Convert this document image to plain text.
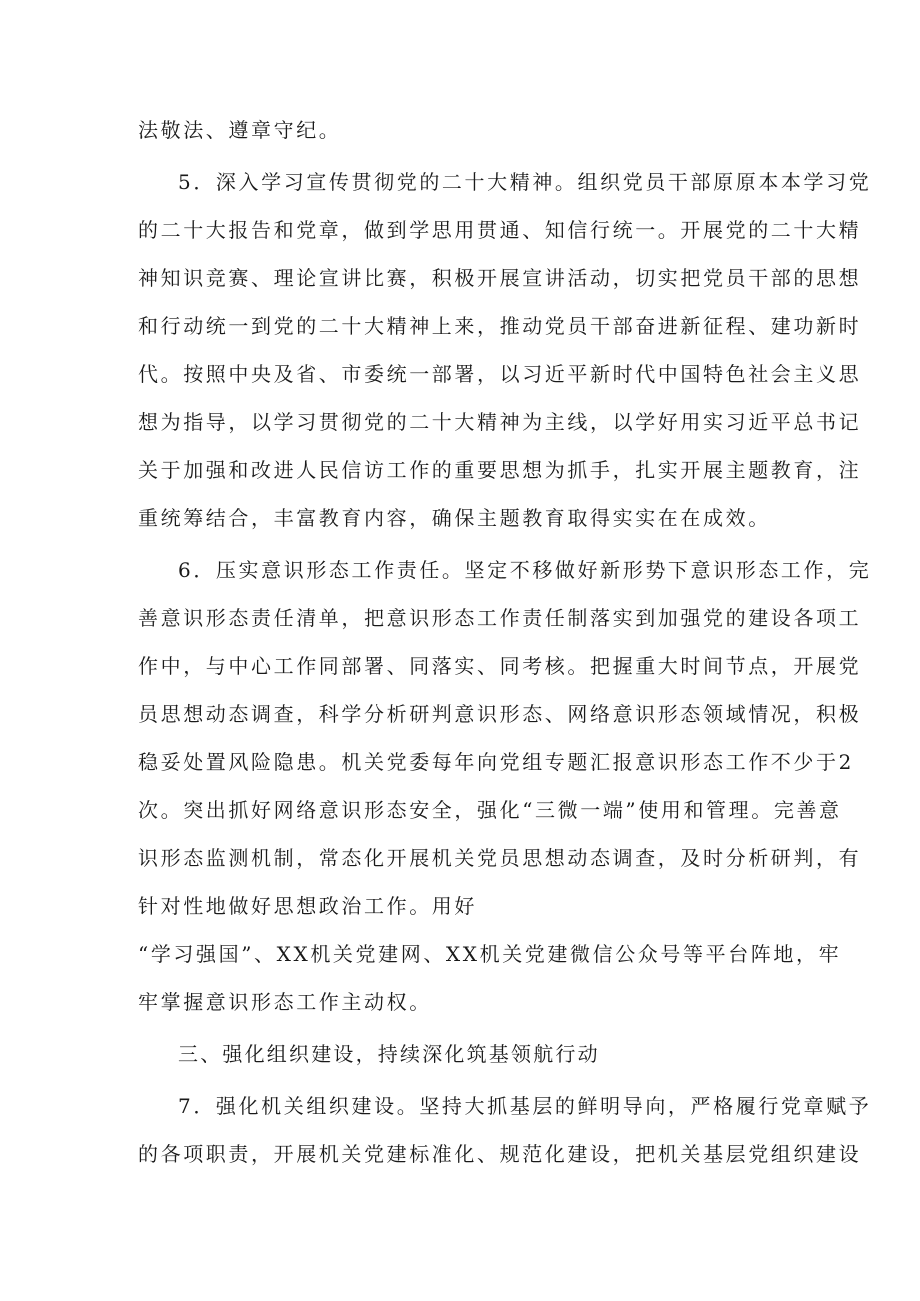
法敬法、遵章守纪。
5．深入学习宣传贯彻党的二十大精神。组织党员干部原原本本学习党
的二十大报告和党章，做到学思用贯通、知信行统一。开展党的二十大精
神知识竞赛、理论宣讲比赛，积极开展宣讲活动，切实把党员干部的思想
和行动统一到党的二十大精神上来，推动党员干部奋进新征程、建功新时
代。按照中央及省、市委统一部署，以习近平新时代中国特色社会主义思
想为指导，以学习贯彻党的二十大精神为主线，以学好用实习近平总书记
关于加强和改进人民信访工作的重要思想为抓手，扎实开展主题教育，注
重统筹结合，丰富教育内容，确保主题教育取得实实在在成效。
6．压实意识形态工作责任。坚定不移做好新形势下意识形态工作，完
善意识形态责任清单，把意识形态工作责任制落实到加强党的建设各项工
作中，与中心工作同部署、同落实、同考核。把握重大时间节点，开展党
员思想动态调查，科学分析研判意识形态、网络意识形态领域情况，积极
稳妥处置风险隐患。机关党委每年向党组专题汇报意识形态工作不少于2
次。突出抓好网络意识形态安全，强化“三微一端”使用和管理。完善意
识形态监测机制，常态化开展机关党员思想动态调查，及时分析研判，有
针对性地做好思想政治工作。用好
“学习强国”、XX机关党建网、XX机关党建微信公众号等平台阵地，牢
牢掌握意识形态工作主动权。
三、强化组织建设，持续深化筑基领航行动
7．强化机关组织建设。坚持大抓基层的鲜明导向，严格履行党章赋予
的各项职责，开展机关党建标准化、规范化建设，把机关基层党组织建设
